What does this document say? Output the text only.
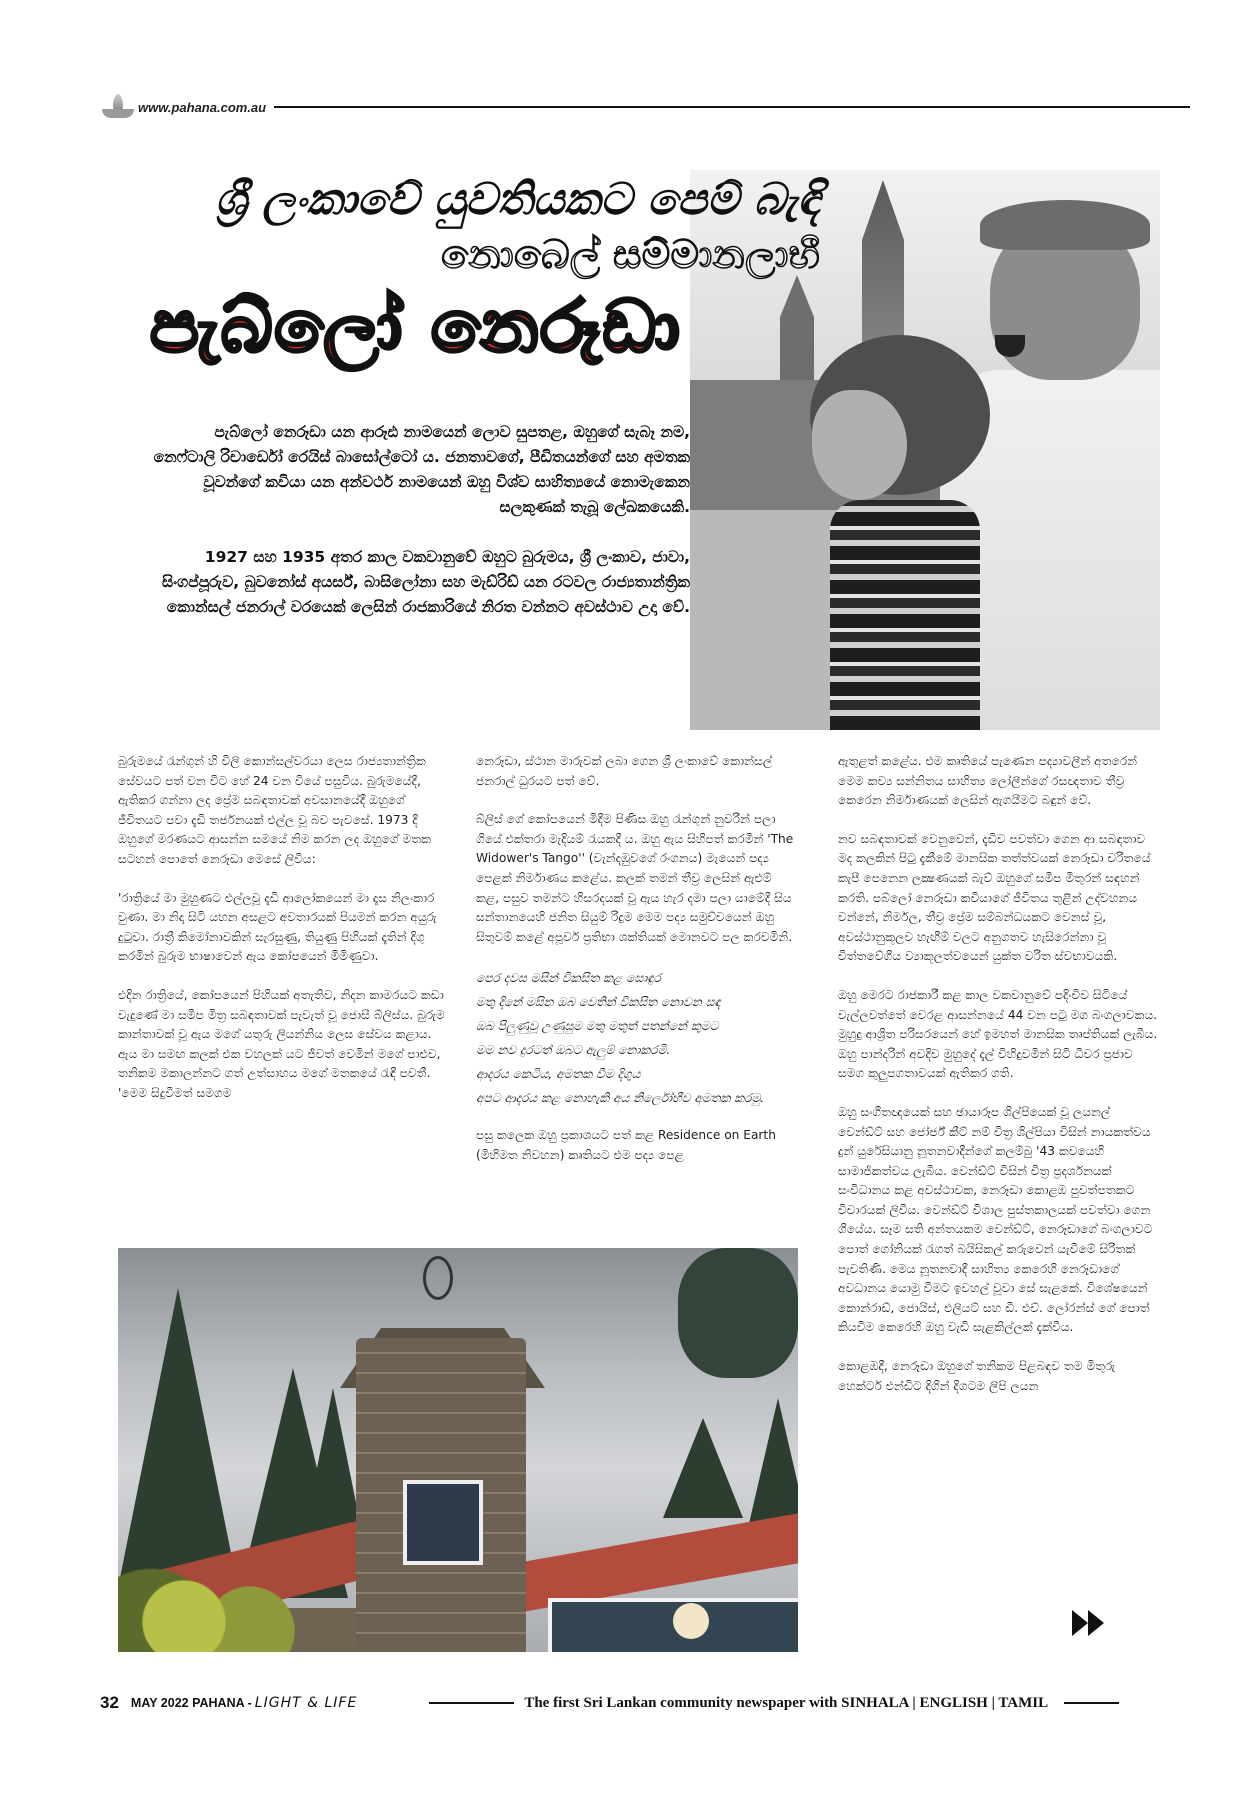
www.pahana.com.au
ශ්‍රී ලංකාවේ යුවතියකට පෙම් බැඳි
නොබෙල් සම්මානලාභී
පැබ්ලෝ නෙරූඩා

පැබ්ලෝ නෙරූඩා යන ආරූඪ නාමයෙන් ලොව සුපතළ, ඔහුගේ සැබෑ නම, නෙෆ්ටාලි රිචාර්ඩෝ රෙයිස් බාසෝල්ටෝ ය. ජනතාවගේ, පීඩිතයන්ගේ සහ අමතක වූවන්ගේ කවියා යන අන්වර්ථ නාමයෙන් ඔහු විශ්ව සාහිත්‍යයේ නොමැකෙන සලකුණක් තැබූ ලේඛකයෙකි.

1927 සහ 1935 අතර කාල වකවානුවේ ඔහුට බුරුමය, ශ්‍රී ලංකාව, ජාවා, සිංගප්පූරුව, බුවනෝස් අයර්ස්, බාසිලෝනා සහ මැඩ්රිඩ් යන රටවල රාජ්‍යතාන්ත්‍රික කොන්සල් ජනරාල් වරයෙක් ලෙසින් රාජකාරියේ නිරත වන්නට අවස්ථාව උදා වේ.

බුරුමයේ රැන්ගුන් හි විලි කොන්සල්වරයා ලෙස රාජ්‍යතාන්ත්‍රික සේවයට පත් වන විට හේ 24 වන වියේ පසුවිය. බුරුමයේදී, ඇතිකර ගන්නා ලද ප්‍රේම සබඳතාවක් අවසානයේදී ඔහුගේ ජීවිතයට පවා දැඩි තර්ජනයක් එල්ල වූ බව පැවසේ. 1973 දී ඔහුගේ මරණයට ආසන්න සමයේ නිම කරන ලද ඔහුගේ මතක සටහන් පොතේ නෙරූඩා මෙසේ ලිවීය:

'රාත්‍රියේ මා මුහුණට එල්ලවූ දැඩි ආලෝකයෙන් මා දෑස නිලංකාර වුණා. මා නිදා සිටි යහන අසළට අවතාරයක් පියමන් කරන අයුරු දුටුවා. රාත්‍රී කිමෝනාවකින් සැරසුණු, තියුණු පිහියක් දෑතින් දිගු කරමින් බුරුම භාෂාවෙන් ඇය කෝපයෙන් මිමිණුවා.

එදින රාත්‍රියේ, කෝපයෙන් පිහියක් අතැතිව, නිදන කාමරයට කඩා වැදුණේ මා සමීප මිත්‍ර සබඳතාවක් පැවැත් වූ ජොසී බ්ලිස්ය. බුරුම කාන්තාවක් වූ ඇය මගේ යතුරු ලියන්නිය ලෙස සේවය කළාය. ඇය මා සමඟ කලක් එක වහලක් යට ජීවත් වෙමින් මගේ පාළුව, තනිකම මකාලන්නට ගත් උත්සාහය මගේ මතකයේ රැඳී පවතී. 'මෙම සිදුවීමත් සමගම

නෙරූඩා, ස්ථාන මාරුවක් ලබා ගෙන ශ්‍රී ලංකාවේ කොන්සල් ජනරාල් ධුරයට පත් වේ.

බ්ලිස් ගේ කෝපයෙන් මිදීම පිණිස ඔහු රැන්ගුන් නුවරින් පලා ගියේ එක්තරා මැදියම් රැයකදී ය. ඔහු ඇය සිහිපත් කරමින් 'The Widower's Tango'' (වැන්දඹුවගේ රංගනය) මැයෙන් පද්‍ය පෙළක් නිර්මාණය කළේය. කලක් තමන් තීව්‍ර ලෙසින් ඇළුම් කළ, පසුව තමන්ට හිසරදයක් වූ ඇය හැර දමා පලා යාමේදී සිය සන්තානයෙහි ජනිත සියුම් රිදුම මෙම පද්‍ය සමුච්චයෙන් ඔහු සිතුවම් කළේ අපූර්ව ප්‍රතිභා ශක්තියක් මොනවට පල කරවමිනි.

පෙර දවස මසින් විකසිත කළ සොඳුර
මතු දිනේ මසින ඔබ වෙතින් විකසිත නොවන සඳ
ඔබ පිලුණුවූ උණුසුම මතු මතුත් පතන්නේ කුමට
මම නව දුරටත් ඔබට ඇලුම් නොකරමි.
ආදරය කෙටිය, අමතක වීම දිගුය
අපට ආදරය කළ නොහැකි අය නිර්ලෝභීව අමතක කරමු.

පසු කලෙක ඔහු ප්‍රකාශයට පත් කළ Residence on Earth (මිහිමත නිවහන) කෘතියට එම පද්‍ය පෙළ

ඇතුළත් කළේය. එම කෘතියේ පැණෙන පද්‍යාවලීන් අතරෙන් මෙම කව්‍ය සන්නිතය සාහිත්‍ය ලෝලීන්ගේ රසඥතාව තීව්‍ර කෙරෙන නිර්මාණයක් ලෙසින් ඇගයීමට බඳුන් වේ.

නව සබඳතාවක් වෙනුවෙන්, දැඩිව පවත්වා ගෙන ආ සබඳතාව මද කලකින් පිටු දැකීමේ මානසික තත්ත්වයක් නෙරූඩා චරිතයේ කැපී පෙනෙන ලක්‍ෂණයක් බැව් ඔහුගේ සමීප මිතුරන් සඳහන් කරති. පබ්ලෝ නෙරූඩා කවියාගේ ජීවිතය තුළින් උද්වහනය වන්නේ, නිර්මල, තීව්‍ර ප්‍රේම සම්බන්ධයකට වෙනස් වූ, අවස්ථානුකූලව හැඟීම් වලට අනුගතව හැසිරෙන්නා වූ චිත්තවේගීය ව්‍යාකූලත්වයෙන් යුක්ත චරිත ස්වභාවයකි.

ඔහු මෙරට රාජකාරී කළ කාල වකවානුවේ පදිංචිව සිටියේ වැල්ලවත්තේ වෙරළ ආසන්නයේ 44 වන පටු මග බංගලාවකය. මුහුදු ආශ්‍රිත පරිසරයෙන් හේ ඉමහත් මානසික තෘප්තියක් ලැබීය. ඔහු පාන්දරින් අවදිව මුහුදේ දැල් විහිදුවමින් සිටි ධීවර ප්‍රජාව සමග කුලුපගතාවයක් ඇතිකර ගති.

ඔහු සංගීතඥයෙක් සහ ඡායාරූප ශිල්පියෙක් වූ ලයනල් වෙන්ඩ්ට් සහ ජෝර්ජ් කීට් නම් චිත්‍ර ශිල්පියා විසින් නායකත්වය දුන් යුරේසියානු නූතනවාදීන්ගේ කලම්බු '43 කවයෙහි සාමාජිකත්වය ලැබීය. වෙන්ඩ්ට් විසින් චිත්‍ර ප්‍රදර්ශනයක් සංවිධානය කළ අවස්ථාවක, නෙරූඩා කොළඹ පුවත්පතකට විචාරයක් ලිවීය. වෙන්ඩ්ට් විශාල පුස්තකාලයක් පවත්වා ගෙන ගියේය. සෑම සති අන්තයකම වෙන්ඩ්ට්, නෙරූඩාගේ බංගලාවට පොත් ගෝනියක් රැගත් බයිසිකල් කරුවෙන් යැවීමේ සිරිතක් පැවතිණි. මෙය නූතනවාදී සාහිත්‍ය කෙරෙහි නෙරූඩාගේ අවධානය යොමු වීමට ඉවහල් වූවා සේ සැළකේ. විශේෂයෙන් කොන්රාඩ්, ජොයිස්, එලියට් සහ ඩී. එච්. ලෝරන්ස් ගේ පොත් කියවීම කෙරෙහි ඔහු වැඩි සැළකිල්ලක් දැක්වීය.

කොළඹදී, නෙරූඩා ඔහුගේ තනිකම පිළබඳව තම මිතුරු හෙක්ටර් එන්ඩිට දිගින් දිගටම ලිපි ලයන

32 MAY 2022 PAHANA - LIGHT & LIFE	The first Sri Lankan community newspaper with SINHALA | ENGLISH | TAMIL
